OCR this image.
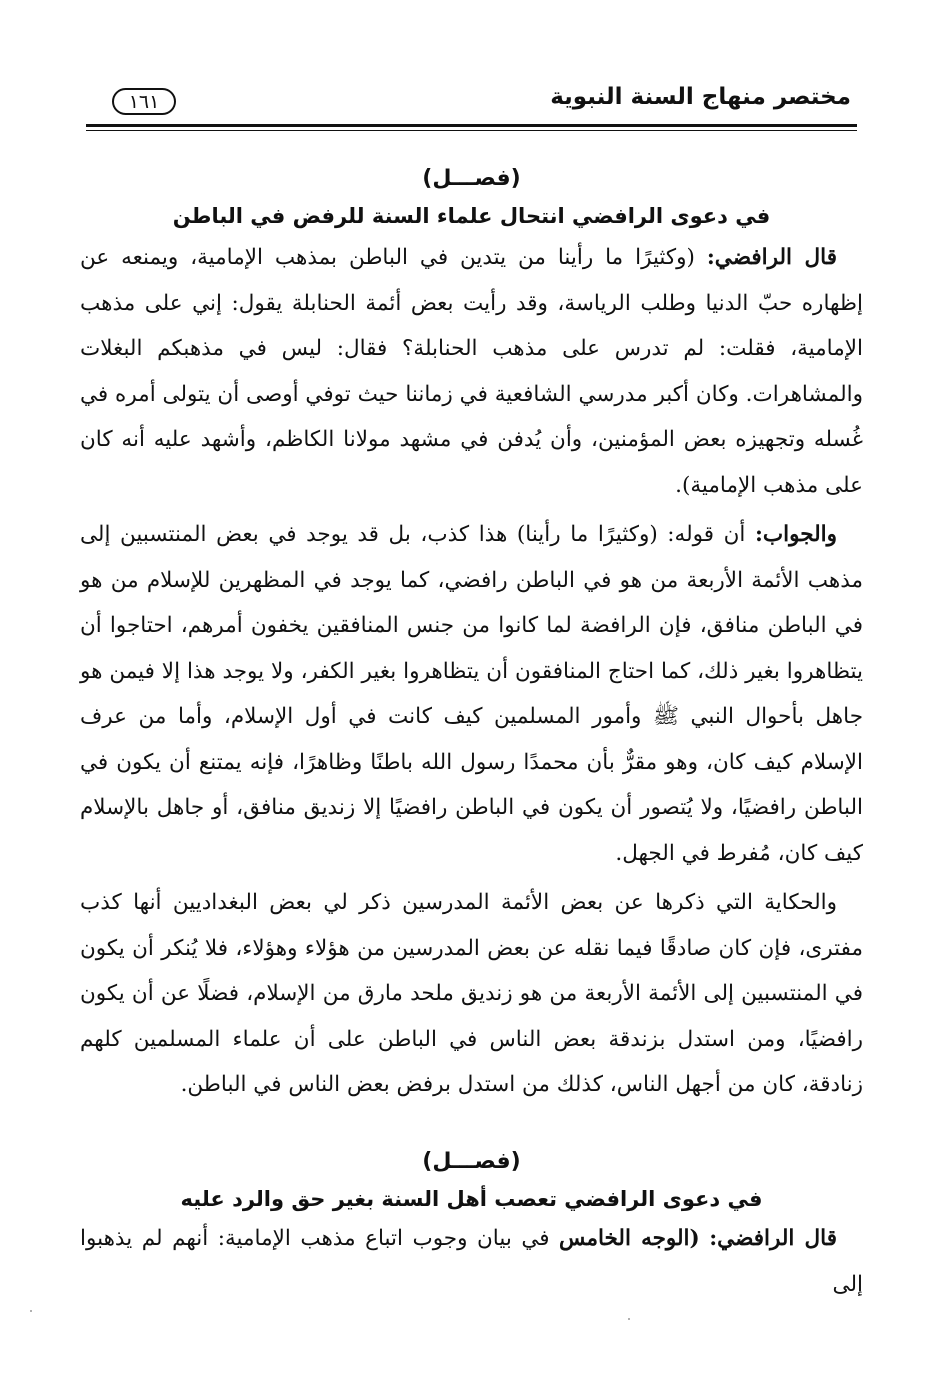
مختصر منهاج السنة النبوية
١٦١
(فصـــل)
في دعوى الرافضي انتحال علماء السنة للرفض في الباطن

قال الرافضي: (وكثيرًا ما رأينا من يتدين في الباطن بمذهب الإمامية، ويمنعه عن إظهاره حبّ الدنيا وطلب الرياسة، وقد رأيت بعض أئمة الحنابلة يقول: إني على مذهب الإمامية، فقلت: لم تدرس على مذهب الحنابلة؟ فقال: ليس في مذهبكم البغلات والمشاهرات. وكان أكبر مدرسي الشافعية في زماننا حيث توفي أوصى أن يتولى أمره في غُسله وتجهيزه بعض المؤمنين، وأن يُدفن في مشهد مولانا الكاظم، وأشهد عليه أنه كان على مذهب الإمامية).

والجواب: أن قوله: (وكثيرًا ما رأينا) هذا كذب، بل قد يوجد في بعض المنتسبين إلى مذهب الأئمة الأربعة من هو في الباطن رافضي، كما يوجد في المظهرين للإسلام من هو في الباطن منافق، فإن الرافضة لما كانوا من جنس المنافقين يخفون أمرهم، احتاجوا أن يتظاهروا بغير ذلك، كما احتاج المنافقون أن يتظاهروا بغير الكفر، ولا يوجد هذا إلا فيمن هو جاهل بأحوال النبي ﷺ وأمور المسلمين كيف كانت في أول الإسلام، وأما من عرف الإسلام كيف كان، وهو مقرٌّ بأن محمدًا رسول الله باطنًا وظاهرًا، فإنه يمتنع أن يكون في الباطن رافضيًا، ولا يُتصور أن يكون في الباطن رافضيًا إلا زنديق منافق، أو جاهل بالإسلام كيف كان، مُفرط في الجهل.

والحكاية التي ذكرها عن بعض الأئمة المدرسين ذكر لي بعض البغداديين أنها كذب مفترى، فإن كان صادقًا فيما نقله عن بعض المدرسين من هؤلاء وهؤلاء، فلا يُنكر أن يكون في المنتسبين إلى الأئمة الأربعة من هو زنديق ملحد مارق من الإسلام، فضلًا عن أن يكون رافضيًا، ومن استدل بزندقة بعض الناس في الباطن على أن علماء المسلمين كلهم زنادقة، كان من أجهل الناس، كذلك من استدل برفض بعض الناس في الباطن.

(فصـــل)
في دعوى الرافضي تعصب أهل السنة بغير حق والرد عليه

قال الرافضي: (الوجه الخامس في بيان وجوب اتباع مذهب الإمامية: أنهم لم يذهبوا إلى
